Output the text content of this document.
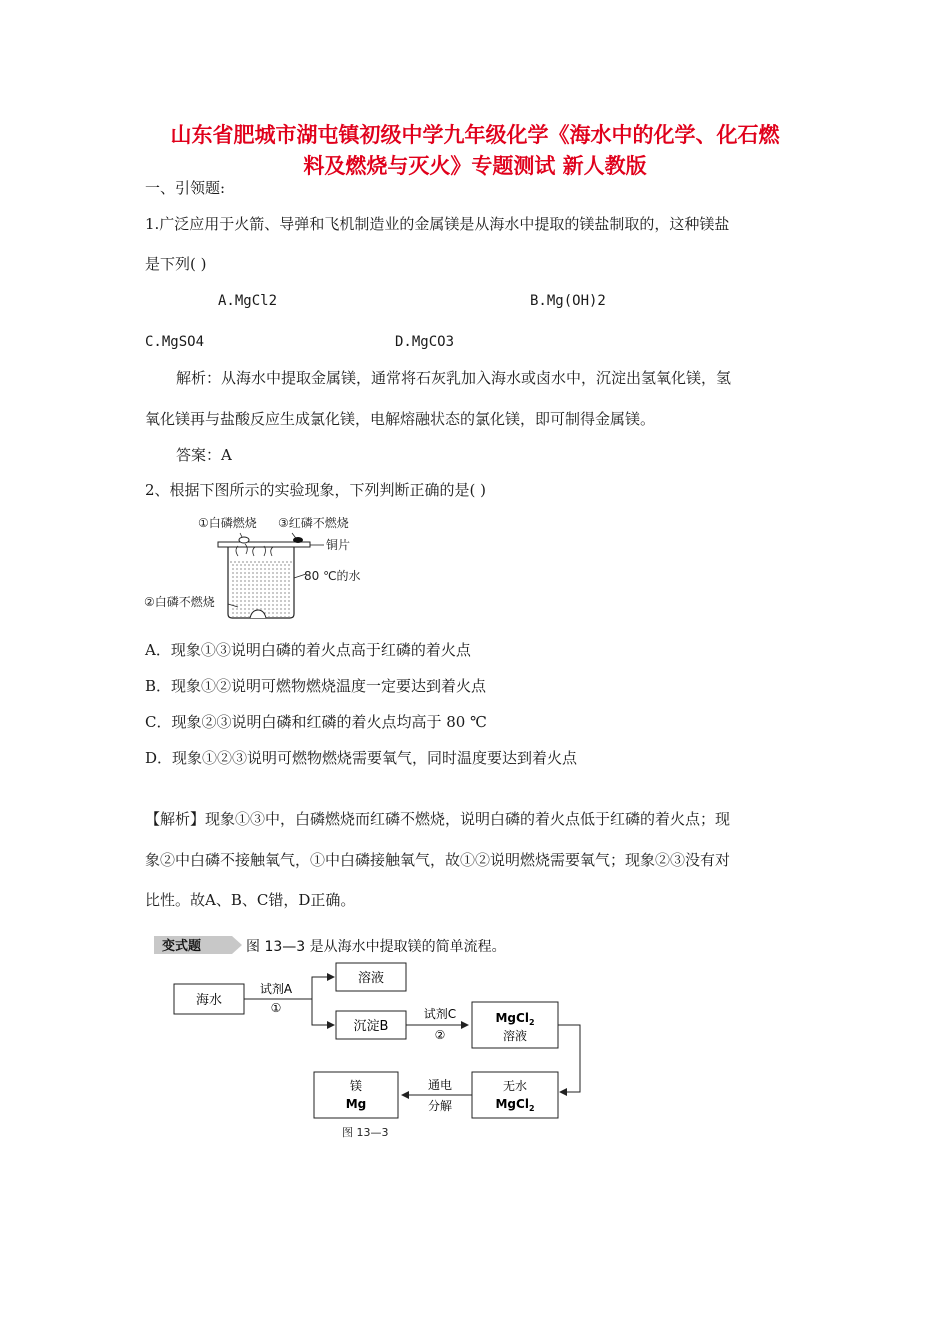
山东省肥城市湖屯镇初级中学九年级化学《海水中的化学、化石燃
料及燃烧与灭火》专题测试 新人教版
一、引领题:
1.广泛应用于火箭、导弹和飞机制造业的金属镁是从海水中提取的镁盐制取的，这种镁盐
是下列( )
A.MgCl2	B.Mg(OH)2
C.MgSO4	D.MgCO3
解析：从海水中提取金属镁，通常将石灰乳加入海水或卤水中，沉淀出氢氧化镁，氢
氧化镁再与盐酸反应生成氯化镁，电解熔融状态的氯化镁，即可制得金属镁。
答案：A
2、根据下图所示的实验现象，下列判断正确的是( )
①白磷燃烧 ③红磷不燃烧
铜片
80 ℃的水
②白磷不燃烧
A．现象①③说明白磷的着火点高于红磷的着火点
B．现象①②说明可燃物燃烧温度一定要达到着火点
C．现象②③说明白磷和红磷的着火点均高于 80 ℃
D．现象①②③说明可燃物燃烧需要氧气，同时温度要达到着火点
【解析】现象①③中，白磷燃烧而红磷不燃烧，说明白磷的着火点低于红磷的着火点；现
象②中白磷不接触氧气，①中白磷接触氧气，故①②说明燃烧需要氧气；现象②③没有对
比性。故A、B、C错，D正确。
变式题	图 13—3 是从海水中提取镁的简单流程。
海水
试剂A
①
溶液
沉淀B
试剂C
②
MgCl$_2$
溶液
无水
MgCl$_2$
通电
分解
镁
Mg
图 13—3
